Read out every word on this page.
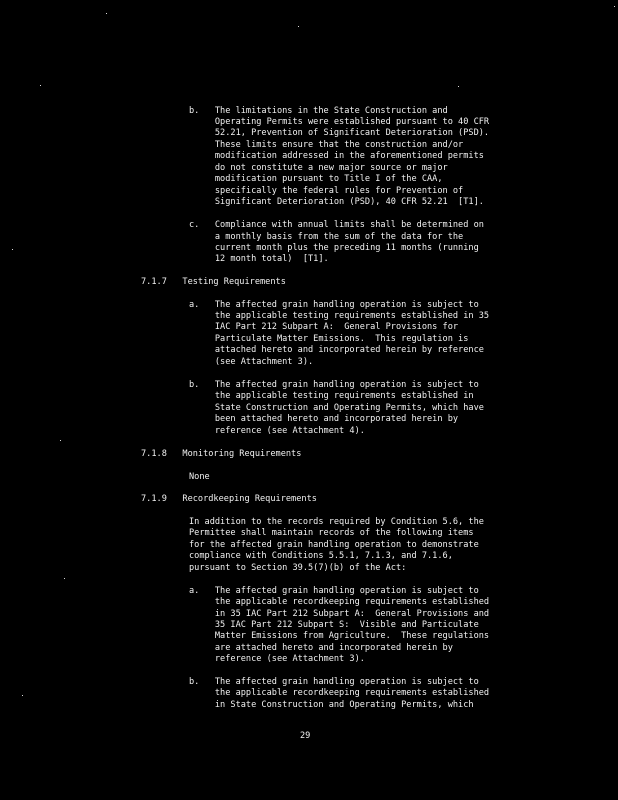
b.   The limitations in the State Construction and
Operating Permits were established pursuant to 40 CFR
52.21, Prevention of Significant Deterioration (PSD).
These limits ensure that the construction and/or
modification addressed in the aforementioned permits
do not constitute a new major source or major
modification pursuant to Title I of the CAA,
specifically the federal rules for Prevention of
Significant Deterioration (PSD), 40 CFR 52.21  [T1].
c.   Compliance with annual limits shall be determined on
a monthly basis from the sum of the data for the
current month plus the preceding 11 months (running
12 month total)  [T1].
7.1.7   Testing Requirements
a.   The affected grain handling operation is subject to
the applicable testing requirements established in 35
IAC Part 212 Subpart A:  General Provisions for
Particulate Matter Emissions.  This regulation is
attached hereto and incorporated herein by reference
(see Attachment 3).
b.   The affected grain handling operation is subject to
the applicable testing requirements established in
State Construction and Operating Permits, which have
been attached hereto and incorporated herein by
reference (see Attachment 4).
7.1.8   Monitoring Requirements
None
7.1.9   Recordkeeping Requirements
In addition to the records required by Condition 5.6, the
Permittee shall maintain records of the following items
for the affected grain handling operation to demonstrate
compliance with Conditions 5.5.1, 7.1.3, and 7.1.6,
pursuant to Section 39.5(7)(b) of the Act:
a.   The affected grain handling operation is subject to
the applicable recordkeeping requirements established
in 35 IAC Part 212 Subpart A:  General Provisions and
35 IAC Part 212 Subpart S:  Visible and Particulate
Matter Emissions from Agriculture.  These regulations
are attached hereto and incorporated herein by
reference (see Attachment 3).
b.   The affected grain handling operation is subject to
the applicable recordkeeping requirements established
in State Construction and Operating Permits, which
29
